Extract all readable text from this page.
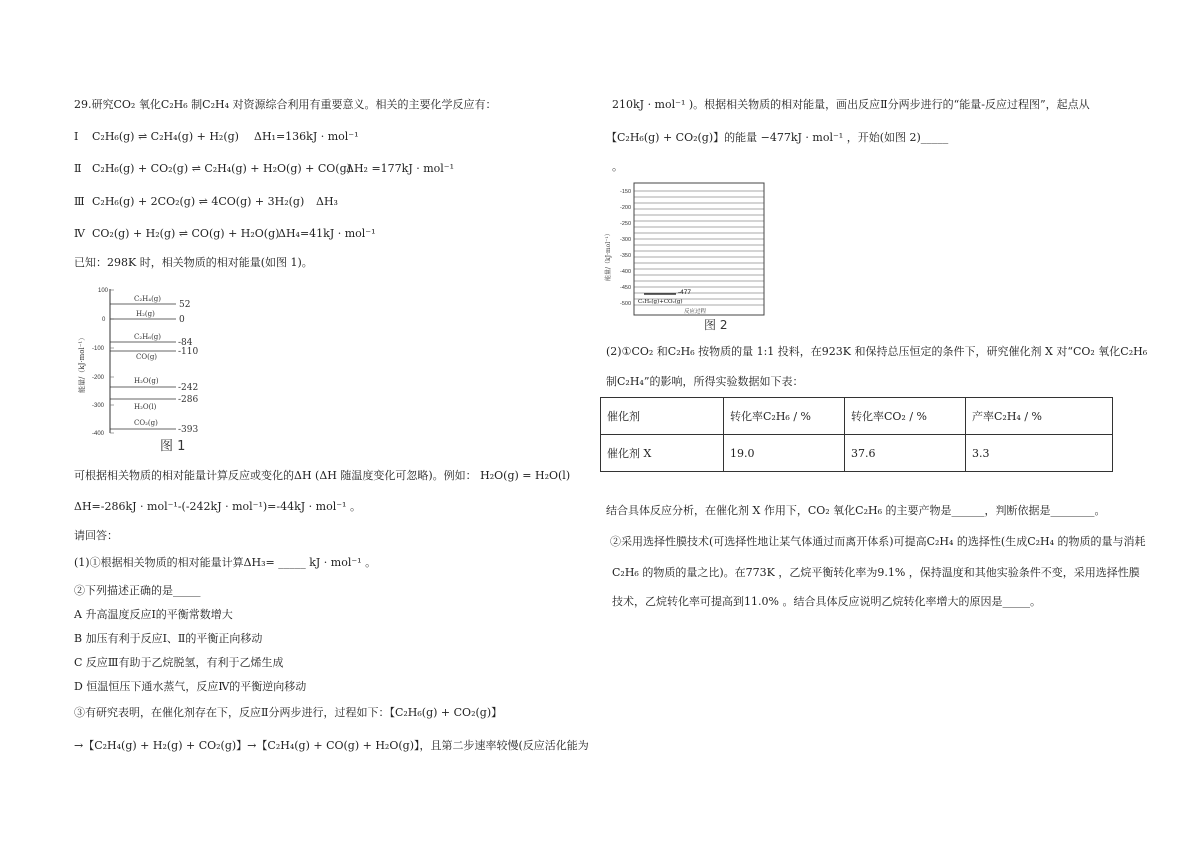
29.研究CO₂ 氧化C₂H₆ 制C₂H₄ 对资源综合利用有重要意义。相关的主要化学反应有：
Ⅰ C₂H₆(g) ⇌ C₂H₄(g) + H₂(g) ΔH₁=136kJ · mol⁻¹
Ⅱ C₂H₆(g) + CO₂(g) ⇌ C₂H₄(g) + H₂O(g) + CO(g)
ΔH₂ =177kJ · mol⁻¹
Ⅲ C₂H₆(g) + 2CO₂(g) ⇌ 4CO(g) + 3H₂(g) ΔH₃
Ⅳ CO₂(g) + H₂(g) ⇌ CO(g) + H₂O(g)
ΔH₄=41kJ · mol⁻¹
已知：298K 时，相关物质的相对能量(如图 1)。
100
0
-100
-200
-300
-400
能量/（kJ·mol⁻¹）
C₂H₄(g)
52
H₂(g)
0
C₂H₆(g)
-84
CO(g) -110
H₂O(g)
-242
H₂O(l)
-286
CO₂(g)
-393
图 1
可根据相关物质的相对能量计算反应或变化的ΔH (ΔH 随温度变化可忽略)。例如： H₂O(g) = H₂O(l)
ΔH=-286kJ · mol⁻¹-(-242kJ · mol⁻¹)=-44kJ · mol⁻¹ 。
请回答：
(1)①根据相关物质的相对能量计算ΔH₃= _____ kJ · mol⁻¹ 。
②下列描述正确的是_____
A 升高温度反应Ⅰ的平衡常数增大
B 加压有利于反应Ⅰ、Ⅱ的平衡正向移动
C 反应Ⅲ有助于乙烷脱氢，有利于乙烯生成
D 恒温恒压下通水蒸气，反应Ⅳ的平衡逆向移动
③有研究表明，在催化剂存在下，反应Ⅱ分两步进行，过程如下：【C₂H₆(g) + CO₂(g)】
→【C₂H₄(g) + H₂(g) + CO₂(g)】→【C₂H₄(g) + CO(g) + H₂O(g)】，且第二步速率较慢(反应活化能为
210kJ · mol⁻¹ )。根据相关物质的相对能量，画出反应Ⅱ分两步进行的“能量-反应过程图”，起点从
【C₂H₆(g) + CO₂(g)】的能量 −477kJ · mol⁻¹ ，开始(如图 2)_____
。
能量/（kJ·mol⁻¹）
-150
-200
-250
-300
-350
-400
-450
-500
-477
C₂H₆(g)+CO₂(g)
反应过程
图 2
(2)①CO₂ 和C₂H₆ 按物质的量 1:1 投料，在923K 和保持总压恒定的条件下，研究催化剂 X 对“CO₂ 氧化C₂H₆
制C₂H₄”的影响，所得实验数据如下表：
催化剂	转化率C₂H₆ / %	转化率CO₂ / %	产率C₂H₄ / %
催化剂 X	19.0	37.6	3.3
结合具体反应分析，在催化剂 X 作用下，CO₂ 氧化C₂H₆ 的主要产物是______，判断依据是________。
②采用选择性膜技术(可选择性地让某气体通过而离开体系)可提高C₂H₄ 的选择性(生成C₂H₄ 的物质的量与消耗
C₂H₆ 的物质的量之比)。在773K ，乙烷平衡转化率为9.1% ，保持温度和其他实验条件不变，采用选择性膜
技术，乙烷转化率可提高到11.0% 。结合具体反应说明乙烷转化率增大的原因是_____。
